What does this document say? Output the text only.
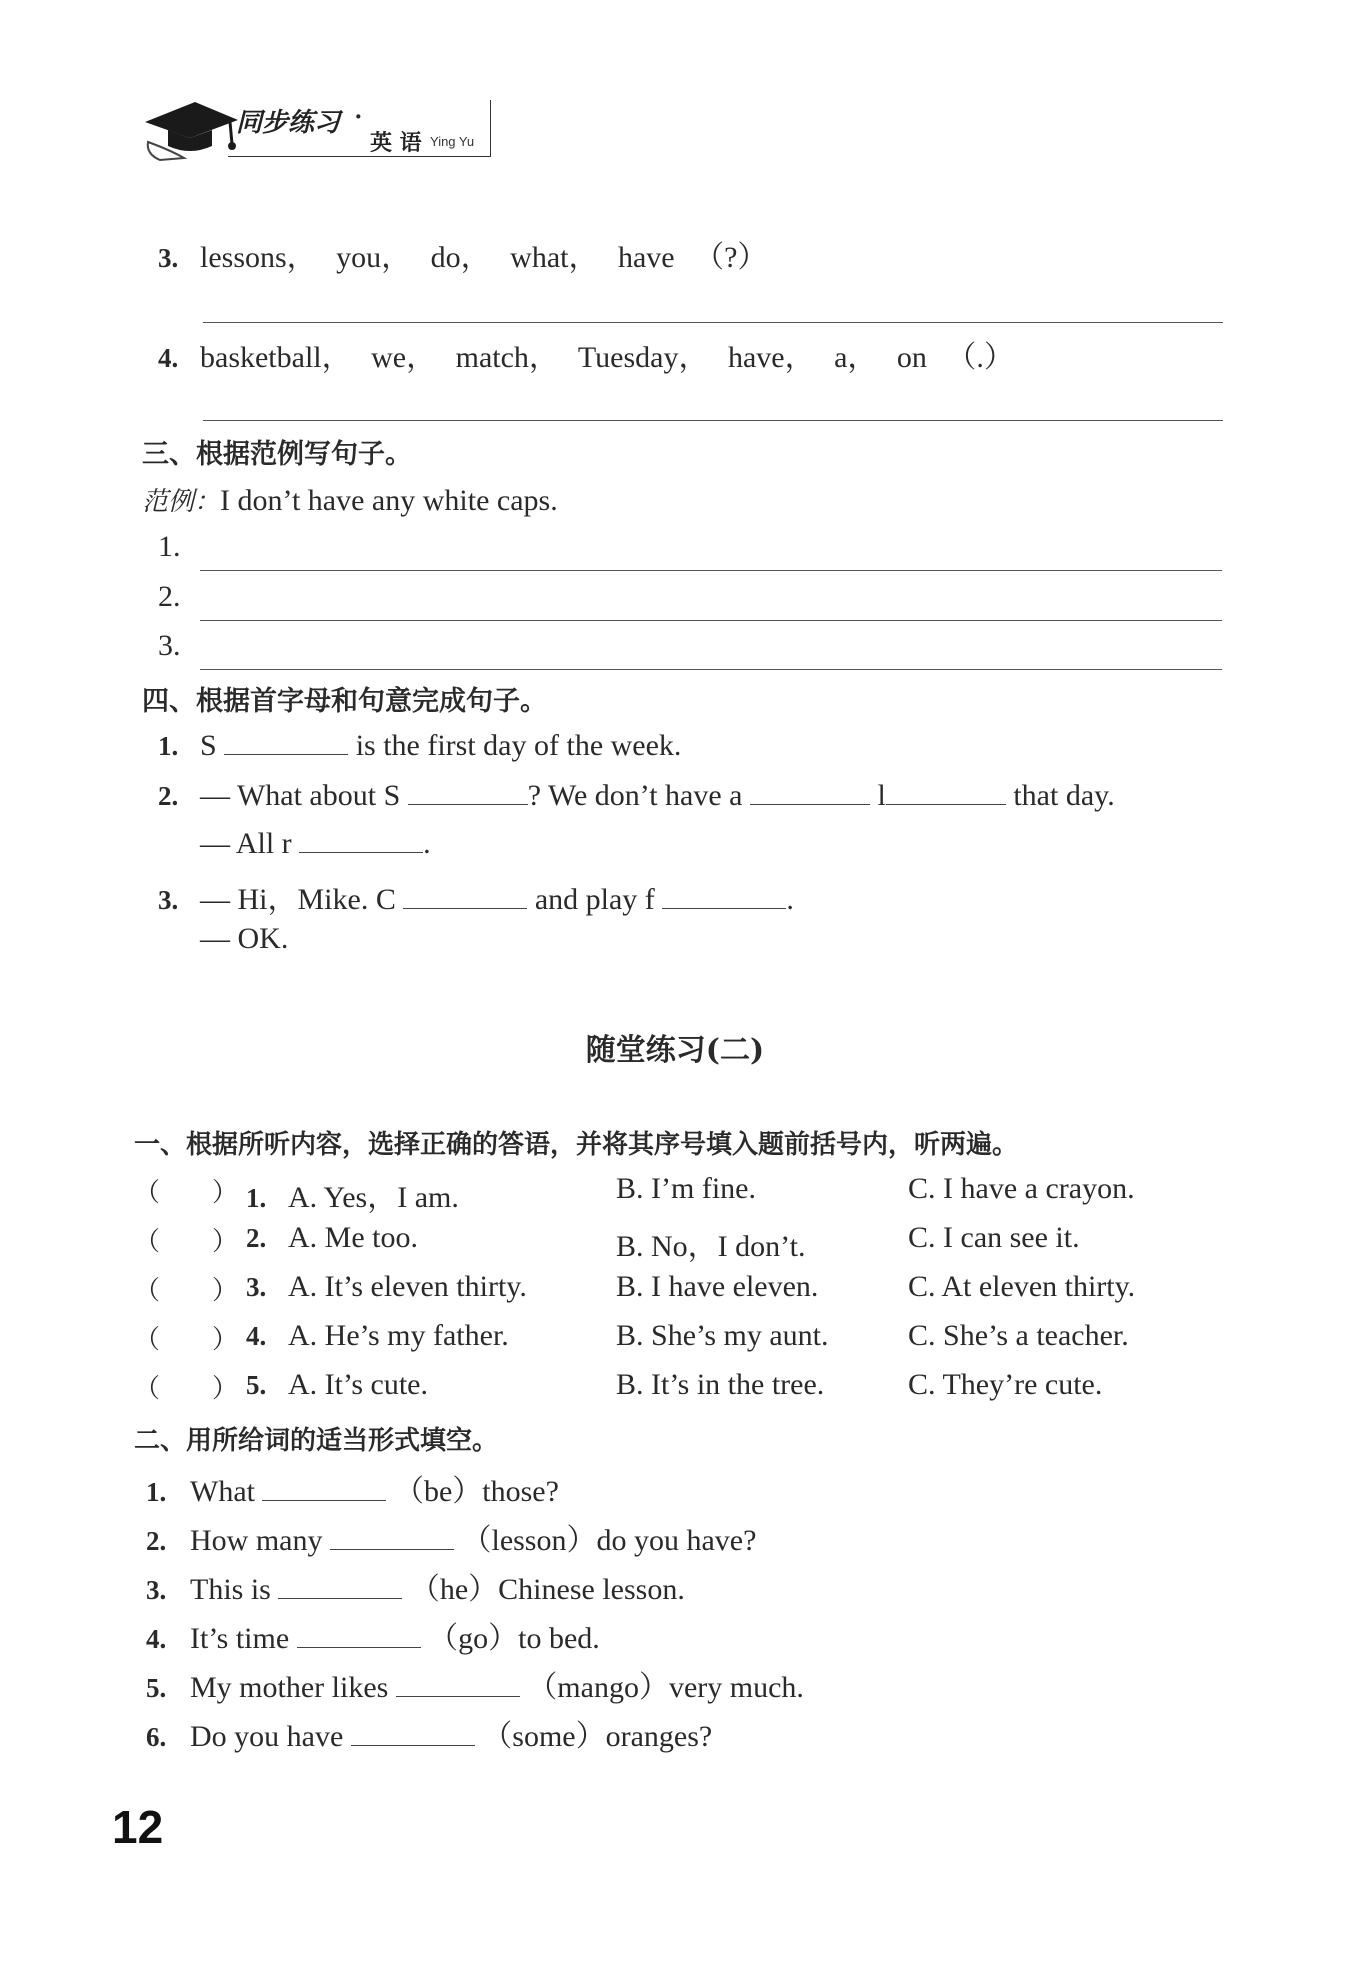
同步练习 ·
英 语 Ying Yu
3. lessons， you， do， what， have （?）
4. basketball， we， match， Tuesday， have， a， on （.）
三、根据范例写句子。
范例：I don’t have any white caps.
1.
2.
3.
四、根据首字母和句意完成句子。
1. S	is the first day of the week.
2. — What about S	? We don’t have a	l	that day.
— All r	.
3. — Hi，Mike. C	and play f	.
— OK.
随堂练习(二)
一、根据所听内容，选择正确的答语，并将其序号填入题前括号内，听两遍。
（　　） 1. A. Yes，I am.	B. I’m fine.	C. I have a crayon.
（　　） 2. A. Me too.	B. No，I don’t.	C. I can see it.
（　　） 3. A. It’s eleven thirty.	B. I have eleven.	C. At eleven thirty.
（　　） 4. A. He’s my father.	B. She’s my aunt.	C. She’s a teacher.
（　　） 5. A. It’s cute.	B. It’s in the tree.	C. They’re cute.
二、用所给词的适当形式填空。
1. What	（be）those?
2. How many	（lesson）do you have?
3. This is	（he）Chinese lesson.
4. It’s time	（go）to bed.
5. My mother likes	（mango）very much.
6. Do you have	（some）oranges?
12
